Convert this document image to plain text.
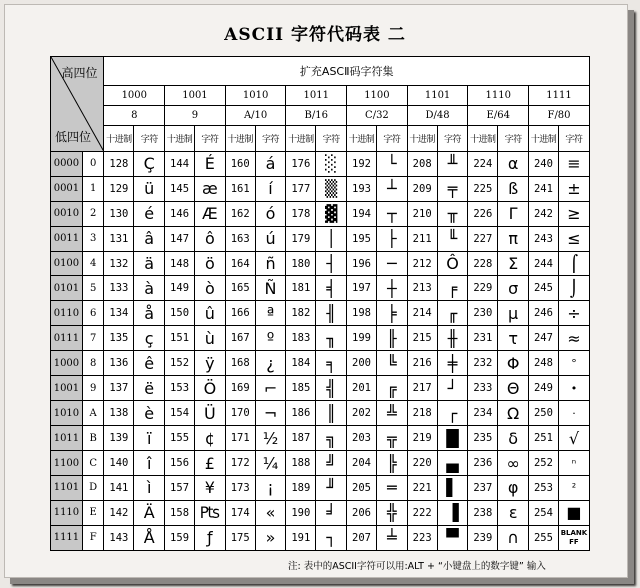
ASCII 字符代码表 二
高四位
低四位		扩充ASCⅡ码字符集															
		1000		1001		1010		1011		1100		1101		1110		1111	
		8		9		A/10		B/16		C/32		D/48		E/64		F/80	
		十进制	字符	十进制	字符	十进制	字符	十进制	字符	十进制	字符	十进制	字符	十进制	字符	十进制	字符
0000	0	128	Ç	144	É	160	á	176	░	192	└	208	╨	224	α	240	≡
0001	1	129	ü	145	æ	161	í	177	▒	193	┴	209	╤	225	ß	241	±
0010	2	130	é	146	Æ	162	ó	178	▓	194	┬	210	╥	226	Γ	242	≥
0011	3	131	â	147	ô	163	ú	179	│	195	├	211	╙	227	π	243	≤
0100	4	132	ä	148	ö	164	ñ	180	┤	196	─	212	Ô	228	Σ	244	⌠
0101	5	133	à	149	ò	165	Ñ	181	╡	197	┼	213	╒	229	σ	245	⌡
0110	6	134	å	150	û	166	ª	182	╢	198	╞	214	╓	230	μ	246	÷
0111	7	135	ç	151	ù	167	º	183	╖	199	╟	215	╫	231	τ	247	≈
1000	8	136	ê	152	ÿ	168	¿	184	╕	200	╚	216	╪	232	Φ	248	°
1001	9	137	ë	153	Ö	169	⌐	185	╣	201	╔	217	┘	233	Θ	249	•
1010	A	138	è	154	Ü	170	¬	186	║	202	╩	218	┌	234	Ω	250	·
1011	B	139	ï	155	¢	171	½	187	╗	203	╦	219	█	235	δ	251	√
1100	C	140	î	156	£	172	¼	188	╝	204	╠	220	▄	236	∞	252	ⁿ
1101	D	141	ì	157	¥	173	¡	189	╜	205	═	221	▌	237	φ	253	²
1110	E	142	Ä	158	₧	174	«	190	╛	206	╬	222	▐	238	ε	254	■
1111	F	143	Å	159	ƒ	175	»	191	┐	207	╧	223	▀	239	∩	255	BLANK
FF
注: 表中的ASCII字符可以用:ALT + “小键盘上的数字键” 输入
